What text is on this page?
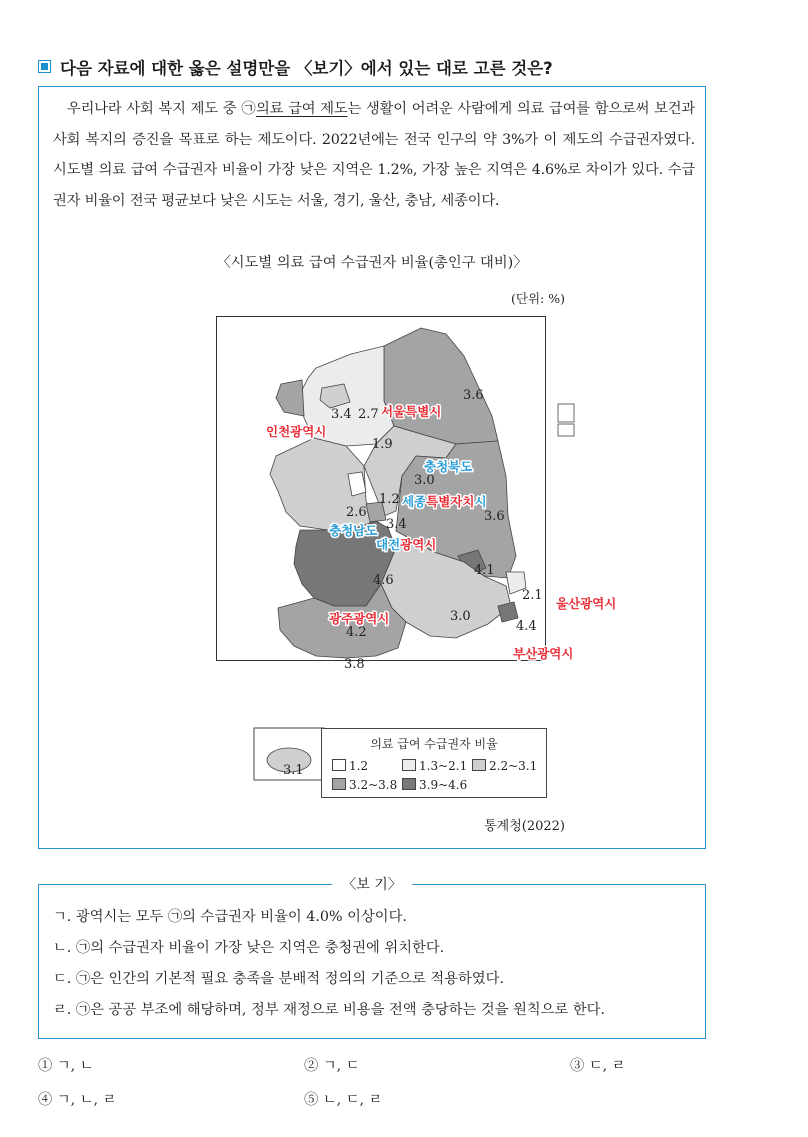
다음 자료에 대한 옳은 설명만을 〈보기〉에서 있는 대로 고른 것은?

우리나라 사회 복지 제도 중 ㉠의료 급여 제도는 생활이 어려운 사람에게 의료 급여를 함으로써 보건과 사회 복지의 증진을 목표로 하는 제도이다. 2022년에는 전국 인구의 약 3%가 이 제도의 수급권자였다. 시도별 의료 급여 수급권자 비율이 가장 낮은 지역은 1.2%, 가장 높은 지역은 4.6%로 차이가 있다. 수급권자 비율이 전국 평균보다 낮은 시도는 서울, 경기, 울산, 충남, 세종이다.

〈시도별 의료 급여 수급권자 비율(총인구 대비)〉
(단위: %)
3.6
2.7
3.4
1.9
3.0
1.2
2.6
3.4
3.6
4.1
4.6
2.1
4.2
3.0
4.4
3.8
3.1
서울특별시
인천광역시
충청북도
세종특별자치시
충청남도
대전광역시
광주광역시
울산광역시
부산광역시
의료 급여 수급권자 비율
1.2	1.3~2.1	2.2~3.1
3.2~3.8	3.9~4.6
통계청(2022)
〈보 기〉
ㄱ. 광역시는 모두 ㉠의 수급권자 비율이 4.0% 이상이다.
ㄴ. ㉠의 수급권자 비율이 가장 낮은 지역은 충청권에 위치한다.
ㄷ. ㉠은 인간의 기본적 필요 충족을 분배적 정의의 기준으로 적용하였다.
ㄹ. ㉠은 공공 부조에 해당하며, 정부 재정으로 비용을 전액 충당하는 것을 원칙으로 한다.
① ㄱ, ㄴ	② ㄱ, ㄷ	③ ㄷ, ㄹ
④ ㄱ, ㄴ, ㄹ	⑤ ㄴ, ㄷ, ㄹ
